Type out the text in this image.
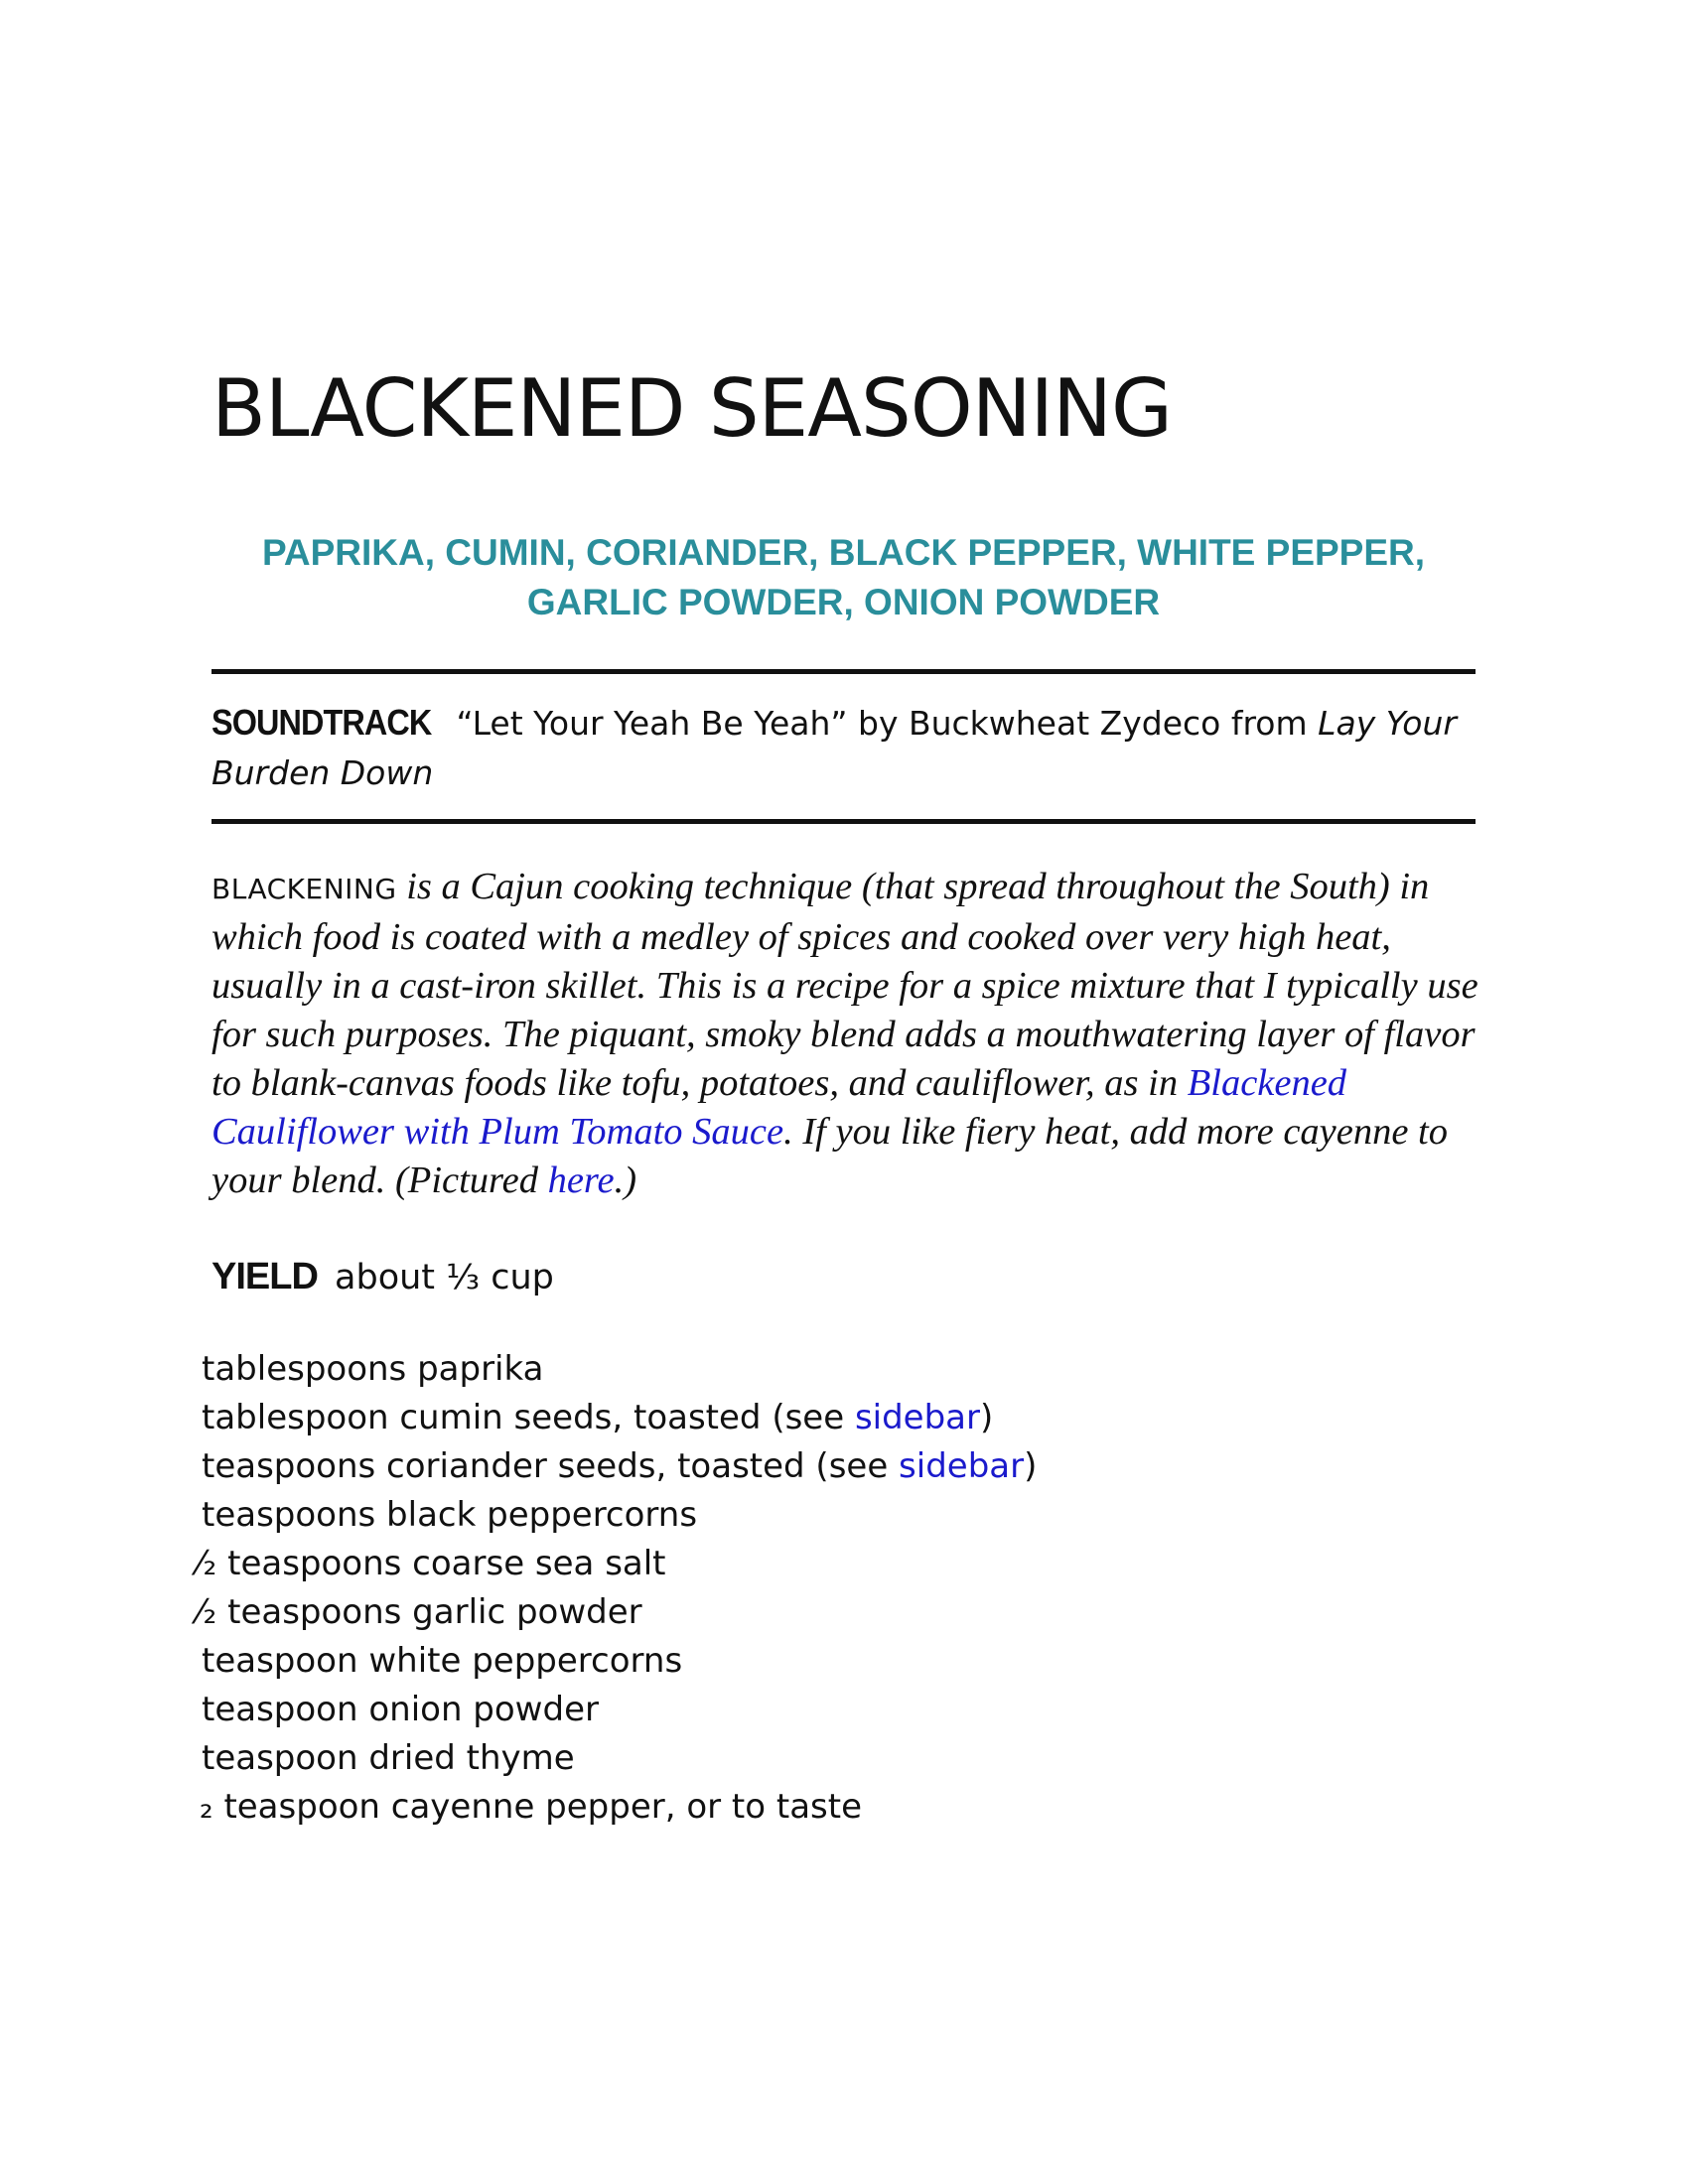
BLACKENED SEASONING

PAPRIKA, CUMIN, CORIANDER, BLACK PEPPER, WHITE PEPPER, GARLIC POWDER, ONION POWDER

SOUNDTRACK “Let Your Yeah Be Yeah” by Buckwheat Zydeco from Lay Your Burden Down

BLACKENING is a Cajun cooking technique (that spread throughout the South) in which food is coated with a medley of spices and cooked over very high heat, usually in a cast-iron skillet. This is a recipe for a spice mixture that I typically use for such purposes. The piquant, smoky blend adds a mouthwatering layer of flavor to blank-canvas foods like tofu, potatoes, and cauliflower, as in Blackened Cauliflower with Plum Tomato Sauce. If you like fiery heat, add more cayenne to your blend. (Pictured here.)

YIELD about ⅓ cup

tablespoons paprika
tablespoon cumin seeds, toasted (see sidebar)
teaspoons coriander seeds, toasted (see sidebar)
teaspoons black peppercorns
⁄₂ teaspoons coarse sea salt
⁄₂ teaspoons garlic powder
teaspoon white peppercorns
teaspoon onion powder
teaspoon dried thyme
₂ teaspoon cayenne pepper, or to taste
